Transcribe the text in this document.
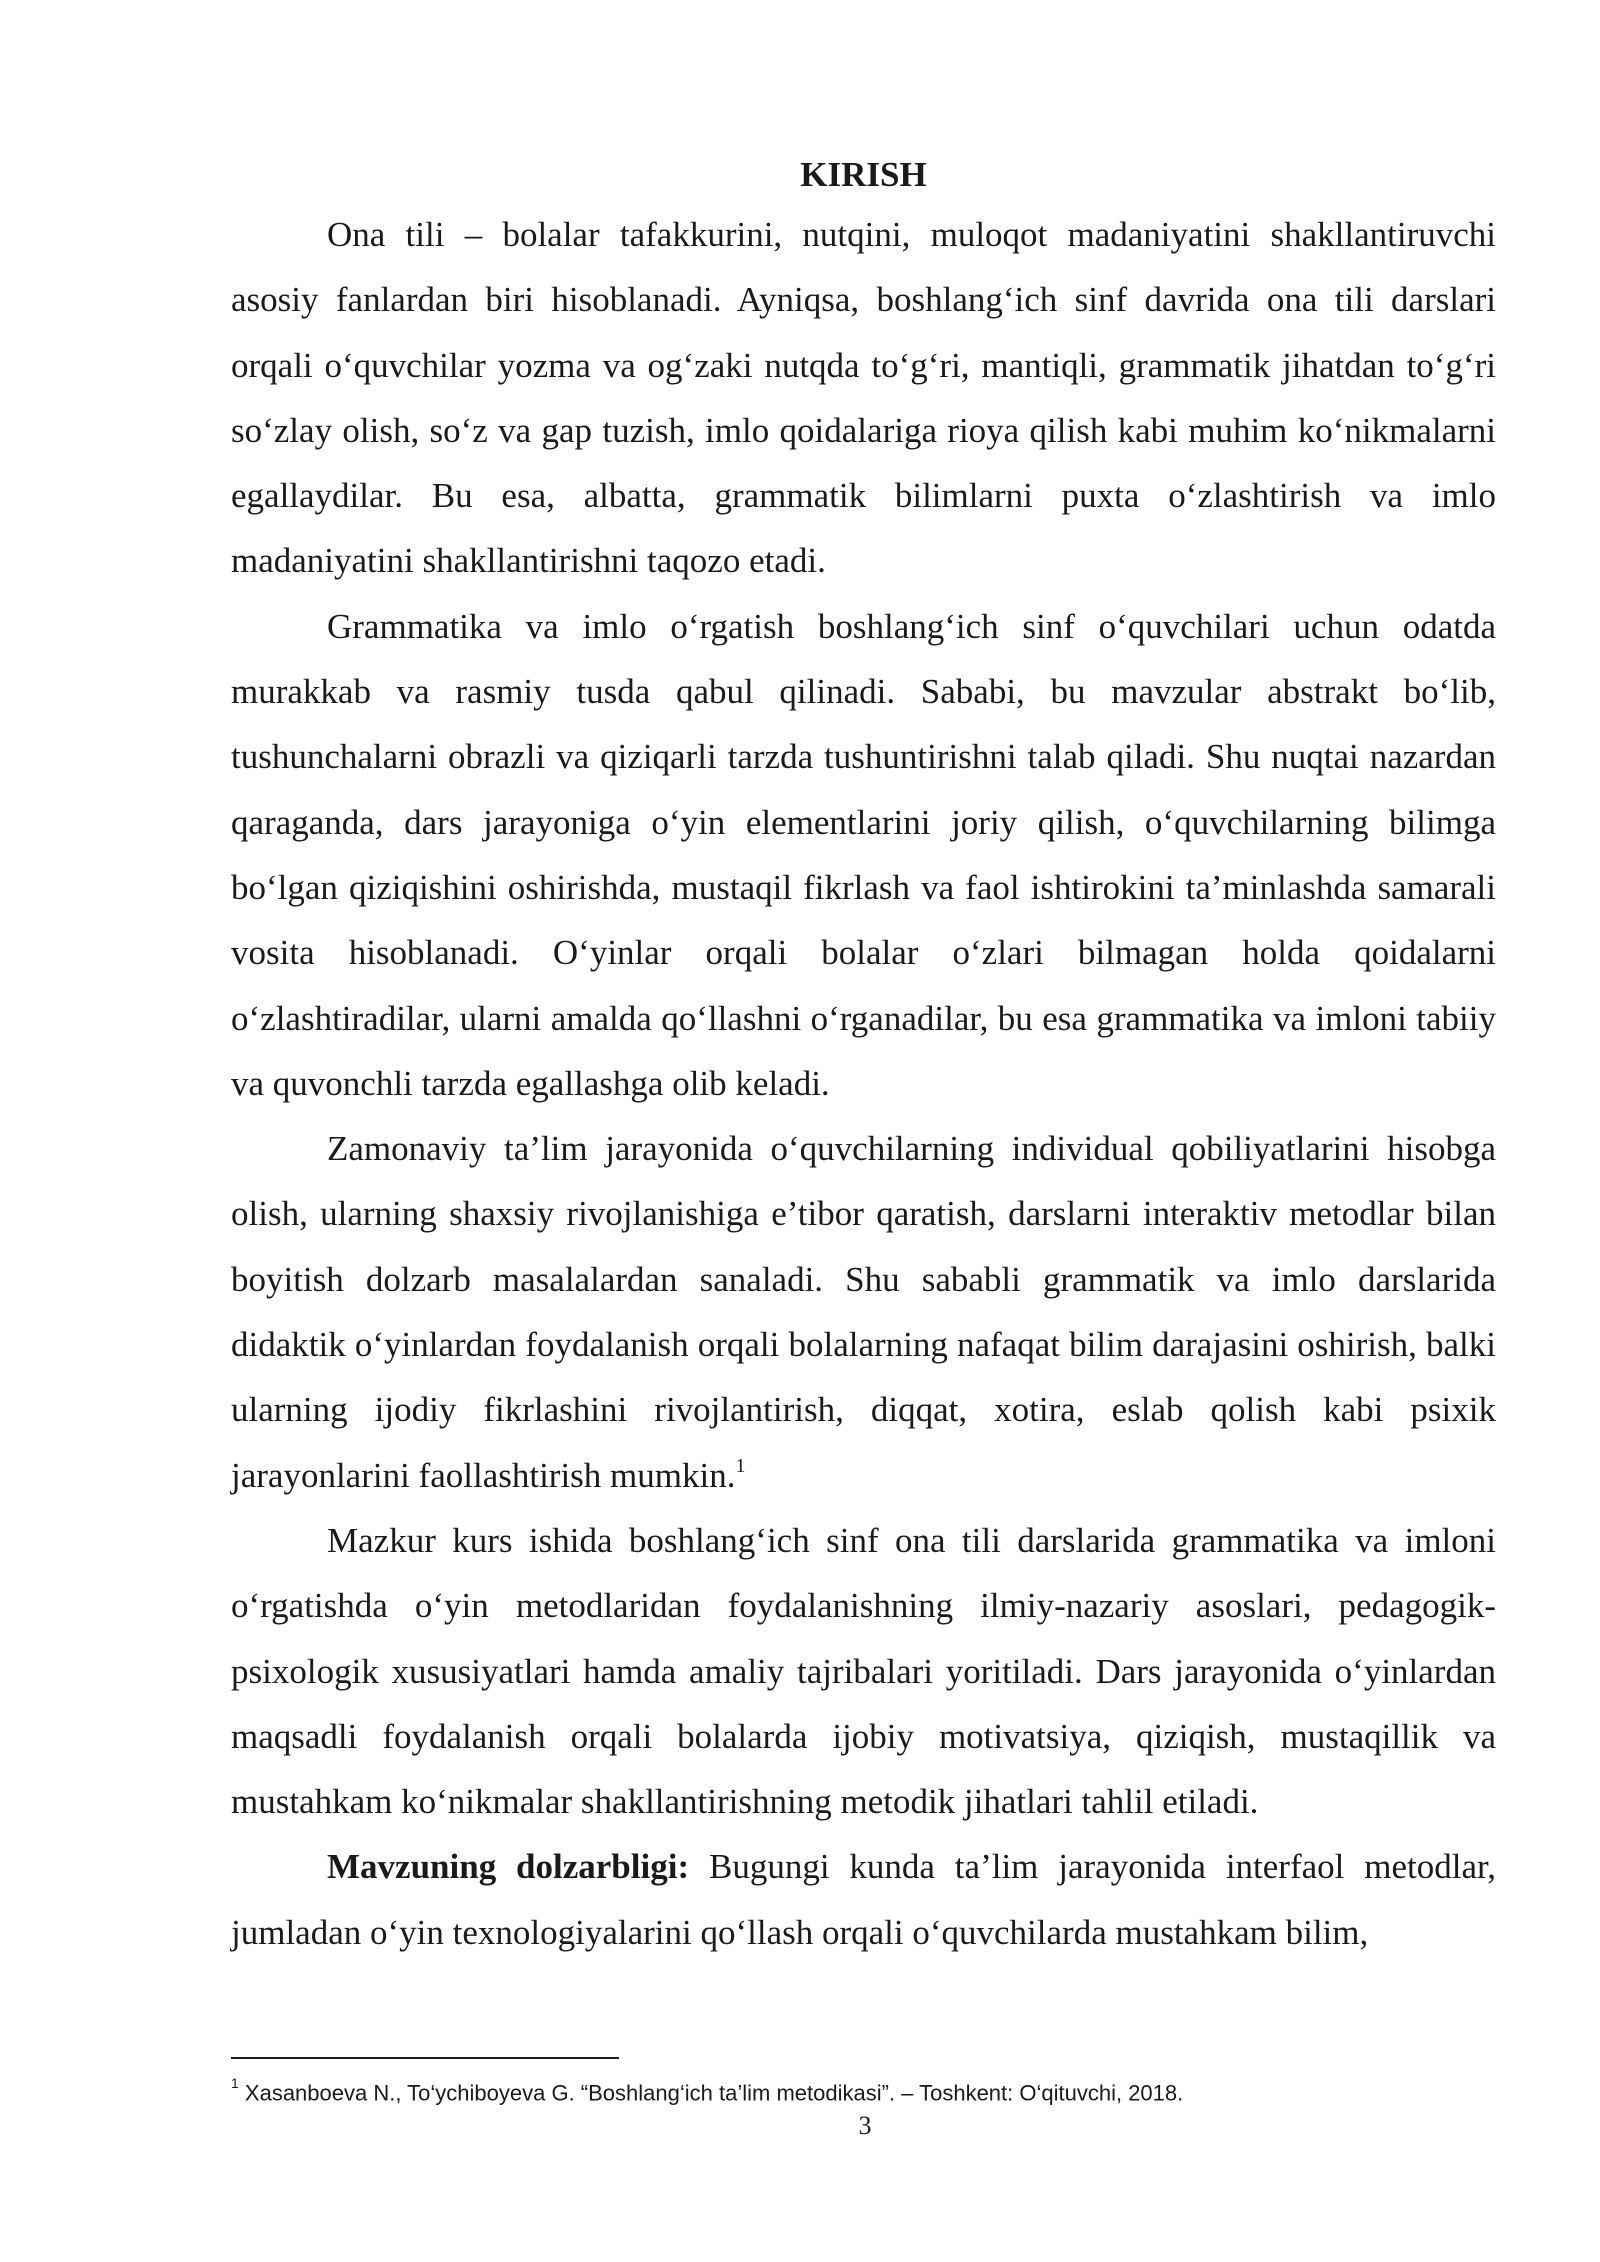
KIRISH

Ona tili – bolalar tafakkurini, nutqini, muloqot madaniyatini shakllantiruvchi asosiy fanlardan biri hisoblanadi. Ayniqsa, boshlang‘ich sinf davrida ona tili darslari orqali o‘quvchilar yozma va og‘zaki nutqda to‘g‘ri, mantiqli, grammatik jihatdan to‘g‘ri so‘zlay olish, so‘z va gap tuzish, imlo qoidalariga rioya qilish kabi muhim ko‘nikmalarni egallaydilar. Bu esa, albatta, grammatik bilimlarni puxta o‘zlashtirish va imlo madaniyatini shakllantirishni taqozo etadi.

Grammatika va imlo o‘rgatish boshlang‘ich sinf o‘quvchilari uchun odatda murakkab va rasmiy tusda qabul qilinadi. Sababi, bu mavzular abstrakt bo‘lib, tushunchalarni obrazli va qiziqarli tarzda tushuntirishni talab qiladi. Shu nuqtai nazardan qaraganda, dars jarayoniga o‘yin elementlarini joriy qilish, o‘quvchilarning bilimga bo‘lgan qiziqishini oshirishda, mustaqil fikrlash va faol ishtirokini ta’minlashda samarali vosita hisoblanadi. O‘yinlar orqali bolalar o‘zlari bilmagan holda qoidalarni o‘zlashtiradilar, ularni amalda qo‘llashni o‘rganadilar, bu esa grammatika va imloni tabiiy va quvonchli tarzda egallashga olib keladi.

Zamonaviy ta’lim jarayonida o‘quvchilarning individual qobiliyatlarini hisobga olish, ularning shaxsiy rivojlanishiga e’tibor qaratish, darslarni interaktiv metodlar bilan boyitish dolzarb masalalardan sanaladi. Shu sababli grammatik va imlo darslarida didaktik o‘yinlardan foydalanish orqali bolalarning nafaqat bilim darajasini oshirish, balki ularning ijodiy fikrlashini rivojlantirish, diqqat, xotira, eslab qolish kabi psixik jarayonlarini faollashtirish mumkin.$^1$

Mazkur kurs ishida boshlang‘ich sinf ona tili darslarida grammatika va imloni o‘rgatishda o‘yin metodlaridan foydalanishning ilmiy-nazariy asoslari, pedagogik-psixologik xususiyatlari hamda amaliy tajribalari yoritiladi. Dars jarayonida o‘yinlardan maqsadli foydalanish orqali bolalarda ijobiy motivatsiya, qiziqish, mustaqillik va mustahkam ko‘nikmalar shakllantirishning metodik jihatlari tahlil etiladi.

Mavzuning dolzarbligi: Bugungi kunda ta’lim jarayonida interfaol metodlar, jumladan o‘yin texnologiyalarini qo‘llash orqali o‘quvchilarda mustahkam bilim,

$^1$ Xasanboeva N., To‘ychiboyeva G. “Boshlang‘ich ta’lim metodikasi”. – Toshkent: O‘qituvchi, 2018.

3
